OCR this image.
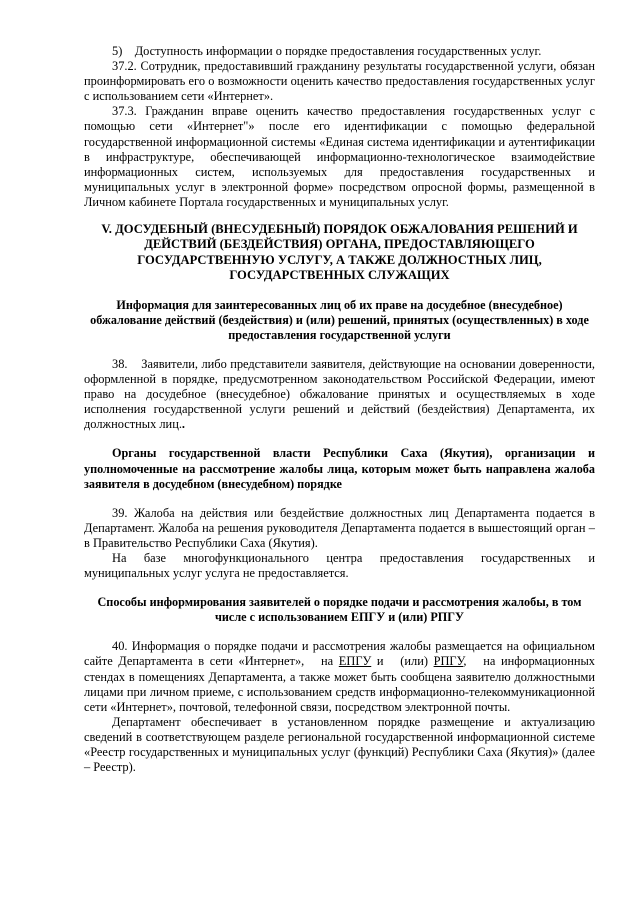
5)    Доступность информации о порядке предоставления государственных услуг.

37.2. Сотрудник, предоставивший гражданину результаты государственной услуги, обязан проинформировать его о возможности оценить качество предоставления государственных услуг с использованием сети «Интернет».

37.3. Гражданин вправе оценить качество предоставления государственных услуг с помощью сети «Интернет"» после его идентификации с помощью федеральной государственной информационной системы «Единая система идентификации и аутентификации в инфраструктуре, обеспечивающей информационно-технологическое взаимодействие информационных систем, используемых для предоставления государственных и муниципальных услуг в электронной форме» посредством опросной формы, размещенной в Личном кабинете Портала государственных и муниципальных услуг.

V. ДОСУДЕБНЫЙ (ВНЕСУДЕБНЫЙ) ПОРЯДОК ОБЖАЛОВАНИЯ РЕШЕНИЙ И ДЕЙСТВИЙ (БЕЗДЕЙСТВИЯ) ОРГАНА, ПРЕДОСТАВЛЯЮЩЕГО ГОСУДАРСТВЕННУЮ УСЛУГУ, А ТАКЖЕ ДОЛЖНОСТНЫХ ЛИЦ, ГОСУДАРСТВЕННЫХ СЛУЖАЩИХ

Информация для заинтересованных лиц об их праве на досудебное (внесудебное) обжалование действий (бездействия) и (или) решений, принятых (осуществленных) в ходе предоставления государственной услуги

38.    Заявители, либо представители заявителя, действующие на основании доверенности, оформленной в порядке, предусмотренном законодательством Российской Федерации, имеют право на досудебное (внесудебное) обжалование принятых и осуществляемых в ходе исполнения государственной услуги решений и действий (бездействия) Департамента, их должностных лиц..

Органы государственной власти Республики Саха (Якутия), организации и уполномоченные на рассмотрение жалобы лица, которым может быть направлена жалоба заявителя в досудебном (внесудебном) порядке

39. Жалоба на действия или бездействие должностных лиц Департамента подается в Департамент. Жалоба на решения руководителя Департамента подается в вышестоящий орган – в Правительство Республики Саха (Якутия).

На базе многофункционального центра предоставления государственных и муниципальных услуг услуга не предоставляется.

Способы информирования заявителей о порядке подачи и рассмотрения жалобы, в том числе с использованием ЕПГУ и (или) РПГУ

40. Информация о порядке подачи и рассмотрения жалобы размещается на официальном сайте Департамента в сети «Интернет»,   на ЕПГУ и   (или) РПГУ,   на информационных стендах в помещениях Департамента, а также может быть сообщена заявителю должностными лицами при личном приеме, с использованием средств информационно-телекоммуникационной сети «Интернет», почтовой, телефонной связи, посредством электронной почты.

Департамент обеспечивает в установленном порядке размещение и актуализацию сведений в соответствующем разделе региональной государственной информационной системе «Реестр государственных и муниципальных услуг (функций) Республики Саха (Якутия)» (далее – Реестр).
